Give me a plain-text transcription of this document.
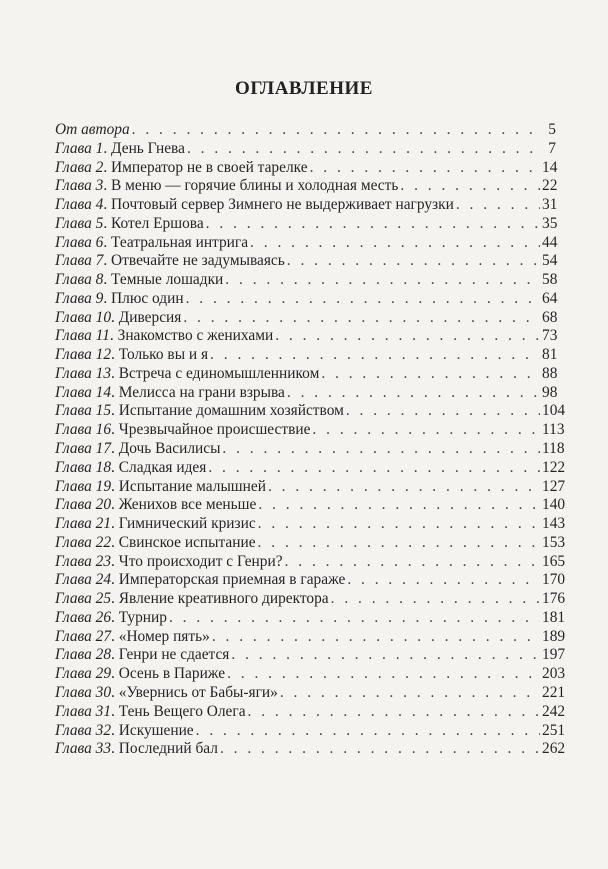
ОГЛАВЛЕНИЕ
От автора . . .	5
Глава 1. День Гнева . . .	7
Глава 2. Император не в своей тарелке . . .	14
Глава 3. В меню — горячие блины и холодная месть . . .	22
Глава 4. Почтовый сервер Зимнего не выдерживает нагрузки . . .	31
Глава 5. Котел Ершова . . .	35
Глава 6. Театральная интрига . . .	44
Глава 7. Отвечайте не задумываясь . . .	54
Глава 8. Темные лошадки . . .	58
Глава 9. Плюс один . . .	64
Глава 10. Диверсия . . .	68
Глава 11. Знакомство с женихами . . .	73
Глава 12. Только вы и я . . .	81
Глава 13. Встреча с единомышленником . . .	88
Глава 14. Мелисса на грани взрыва . . .	98
Глава 15. Испытание домашним хозяйством . . .	104
Глава 16. Чрезвычайное происшествие . . .	113
Глава 17. Дочь Василисы . . .	118
Глава 18. Сладкая идея . . .	122
Глава 19. Испытание малышней . . .	127
Глава 20. Женихов все меньше . . .	140
Глава 21. Гимнический кризис . . .	143
Глава 22. Свинское испытание . . .	153
Глава 23. Что происходит с Генри? . . .	165
Глава 24. Императорская приемная в гараже . . .	170
Глава 25. Явление креативного директора . . .	176
Глава 26. Турнир . . .	181
Глава 27. «Номер пять» . . .	189
Глава 28. Генри не сдается . . .	197
Глава 29. Осень в Париже . . .	203
Глава 30. «Увернись от Бабы-яги» . . .	221
Глава 31. Тень Вещего Олега . . .	242
Глава 32. Искушение . . .	251
Глава 33. Последний бал . . .	262
